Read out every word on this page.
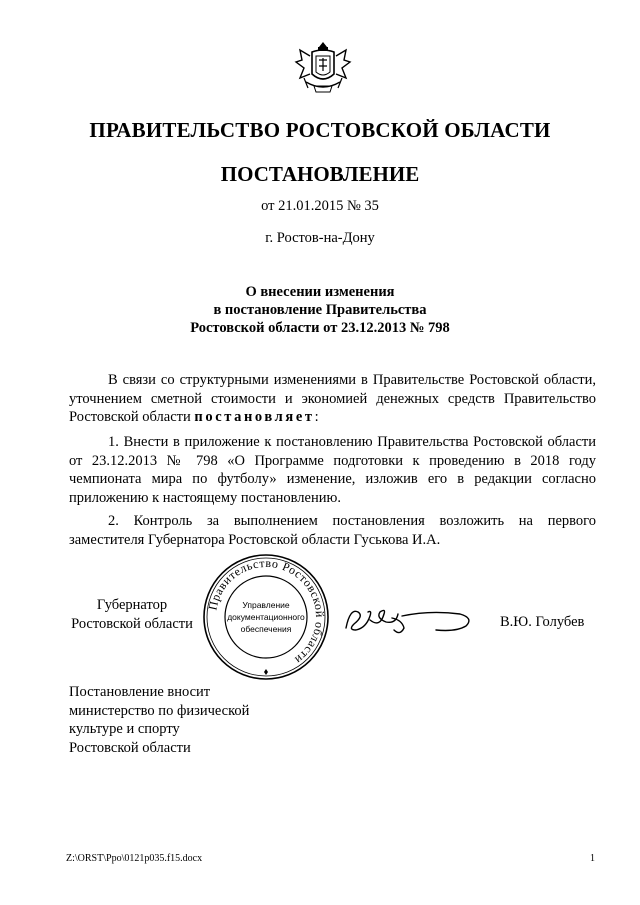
ПРАВИТЕЛЬСТВО РОСТОВСКОЙ ОБЛАСТИ
ПОСТАНОВЛЕНИЕ
от 21.01.2015 № 35
г. Ростов-на-Дону
О внесении изменения
в постановление Правительства
Ростовской области от 23.12.2013 № 798

В связи со структурными изменениями в Правительстве Ростовской области, уточнением сметной стоимости и экономией денежных средств Правительство Ростовской области постановляет:

1. Внести в приложение к постановлению Правительства Ростовской области от 23.12.2013 № 798 «О Программе подготовки к проведению в 2018 году чемпионата мира по футболу» изменение, изложив его в редакции согласно приложению к настоящему постановлению.

2. Контроль за выполнением постановления возложить на первого заместителя Губернатора Ростовской области Гуськова И.А.

Губернатор
Ростовской области
Правительство Ростовской области
Управление
документационного
обеспечения	В.Ю. Голубев
Постановление вносит
министерство по физической
культуре и спорту
Ростовской области
Z:\ORST\Ppo\0121p035.f15.docx	1
